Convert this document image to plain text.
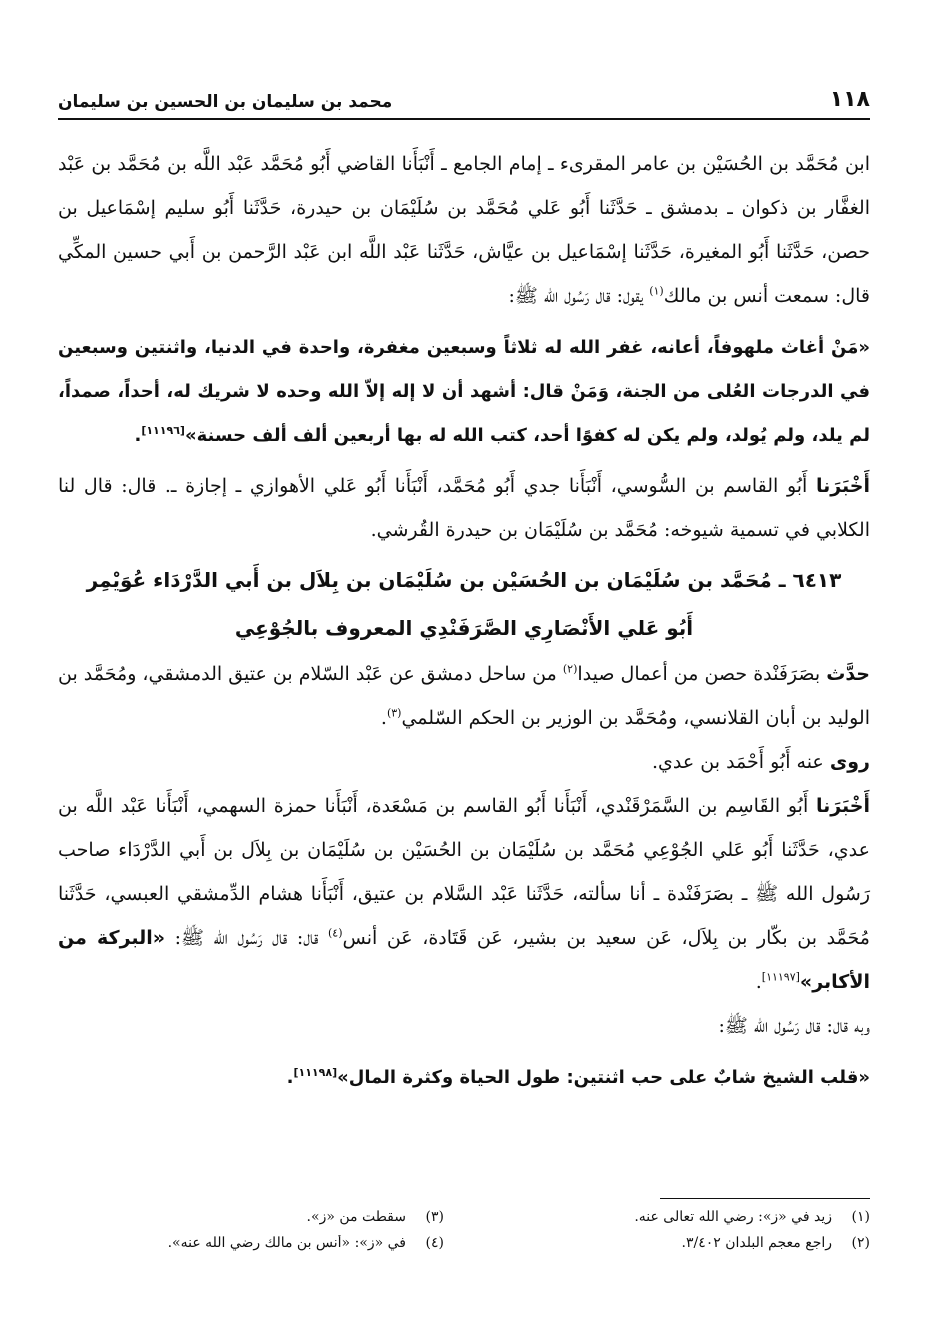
١١٨
محمد بن سليمان بن الحسين بن سليمان

ابن مُحَمَّد بن الحُسَيْن بن عامر المقرىء ـ إمام الجامع ـ أَنْبَأَنا القاضي أَبُو مُحَمَّد عَبْد اللَّه بن مُحَمَّد بن عَبْد الغفَّار بن ذكوان ـ بدمشق ـ حَدَّثَنا أَبُو عَلي مُحَمَّد بن سُلَيْمَان بن حيدرة، حَدَّثَنا أَبُو سليم إسْمَاعيل بن حصن، حَدَّثَنا أَبُو المغيرة، حَدَّثَنا إسْمَاعيل بن عيَّاش، حَدَّثَنا عَبْد اللَّه ابن عَبْد الرَّحمن بن أَبي حسين المكِّي قال: سمعت أنس بن مالك$^{(١)}$ يقول: قال رَسُول الله ﷺ:

«مَنْ أغاث ملهوفاً، أعانه، غفر الله له ثلاثاً وسبعين مغفرة، واحدة في الدنيا، واثنتين وسبعين في الدرجات العُلى من الجنة، وَمَنْ قال: أشهد أن لا إله إلاّ الله وحده لا شريك له، أحداً، صمداً، لم يلد، ولم يُولد، ولم يكن له كفوًا أحد، كتب الله له بها أربعين ألف ألف حسنة»[١١١٩٦].

أَخْبَرَنا أَبُو القاسم بن السُّوسي، أَنْبَأَنا جدي أَبُو مُحَمَّد، أَنْبَأَنا أَبُو عَلي الأهوازي ـ إجازة ـ. قال: قال لنا الكلابي في تسمية شيوخه: مُحَمَّد بن سُلَيْمَان بن حيدرة القُرشي.

٦٤١٣ ـ مُحَمَّد بن سُلَيْمَان بن الحُسَيْن بن سُلَيْمَان بن بِلاَل بن أَبي الدَّرْدَاء عُوَيْمِر
أَبُو عَلي الأَنْصَارِي الصَّرَفَنْدِي المعروف بالجُوْعِي

حدَّث بصَرَفَنْدة حصن من أعمال صيدا$^{(٢)}$ من ساحل دمشق عن عَبْد السّلام بن عتيق الدمشقي، ومُحَمَّد بن الوليد بن أبان القلانسي، ومُحَمَّد بن الوزير بن الحكم السّلمي$^{(٣)}$.

روى عنه أَبُو أَحْمَد بن عدي.

أَخْبَرَنا أَبُو القَاسِم بن السَّمَرْقَنْدي، أَنْبَأَنا أَبُو القاسم بن مَسْعَدة، أَنْبَأَنا حمزة السهمي، أَنْبَأَنا عَبْد اللَّه بن عدي، حَدَّثَنا أَبُو عَلي الجُوْعِي مُحَمَّد بن سُلَيْمَان بن الحُسَيْن بن سُلَيْمَان بن بِلاَل بن أَبي الدَّرْدَاء صاحب رَسُول الله ﷺ ـ بصَرَفَنْدة ـ أنا سألته، حَدَّثَنا عَبْد السَّلام بن عتيق، أَنْبَأَنا هشام الدِّمشقي العبسي، حَدَّثَنا مُحَمَّد بن بكّار بن بِلاَل، عَن سعيد بن بشير، عَن قَتَادة، عَن أنس$^{(٤)}$ قال: قال رَسُول الله ﷺ: «البركة من الأكابر»[١١١٩٧].

وبه قال: قال رَسُول الله ﷺ:

«قلب الشيخ شابٌ على حب اثنتين: طول الحياة وكثرة المال»[١١١٩٨].

(١)
زيد في «ز»: رضي الله تعالى عنه.
(٣)
سقطت من «ز».
(٢)
راجع معجم البلدان ٣/٤٠٢.
(٤)
في «ز»: «أنس بن مالك رضي الله عنه».
